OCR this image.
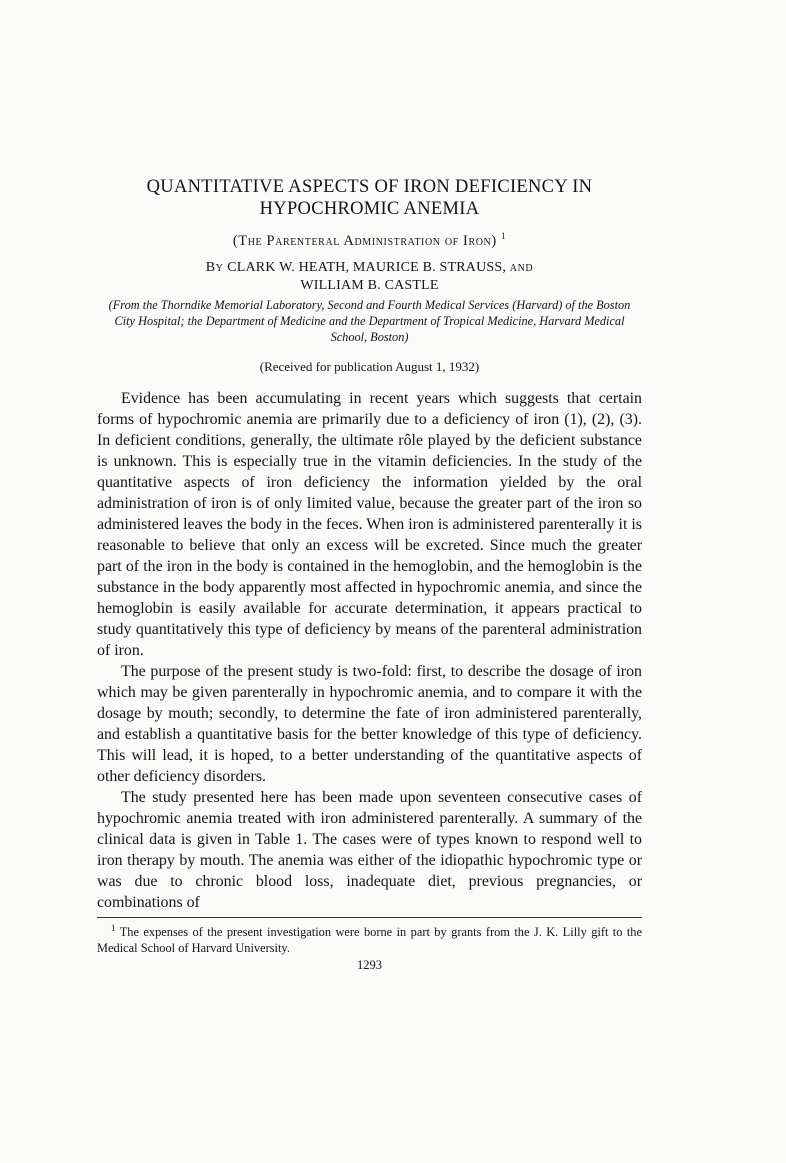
QUANTITATIVE ASPECTS OF IRON DEFICIENCY IN
HYPOCHROMIC ANEMIA
(The Parenteral Administration of Iron) $^1$
By CLARK W. HEATH, MAURICE B. STRAUSS, and
WILLIAM B. CASTLE
(From the Thorndike Memorial Laboratory, Second and Fourth Medical Services (Harvard) of the Boston City Hospital; the Department of Medicine and the Department of Tropical Medicine, Harvard Medical School, Boston)
(Received for publication August 1, 1932)

Evidence has been accumulating in recent years which suggests that certain forms of hypochromic anemia are primarily due to a deficiency of iron (1), (2), (3). In deficient conditions, generally, the ultimate rôle played by the deficient substance is unknown. This is especially true in the vitamin deficiencies. In the study of the quantitative aspects of iron deficiency the information yielded by the oral administration of iron is of only limited value, because the greater part of the iron so administered leaves the body in the feces. When iron is administered parenterally it is reasonable to believe that only an excess will be excreted. Since much the greater part of the iron in the body is contained in the hemoglobin, and the hemoglobin is the substance in the body apparently most affected in hypochromic anemia, and since the hemoglobin is easily available for accurate determination, it appears practical to study quantitatively this type of deficiency by means of the parenteral administration of iron.

The purpose of the present study is two-fold: first, to describe the dosage of iron which may be given parenterally in hypochromic anemia, and to compare it with the dosage by mouth; secondly, to determine the fate of iron administered parenterally, and establish a quantitative basis for the better knowledge of this type of deficiency. This will lead, it is hoped, to a better understanding of the quantitative aspects of other deficiency disorders.

The study presented here has been made upon seventeen consecutive cases of hypochromic anemia treated with iron administered parenterally. A summary of the clinical data is given in Table 1. The cases were of types known to respond well to iron therapy by mouth. The anemia was either of the idiopathic hypochromic type or was due to chronic blood loss, inadequate diet, previous pregnancies, or combinations of

$^1$ The expenses of the present investigation were borne in part by grants from the J. K. Lilly gift to the Medical School of Harvard University.

1293
